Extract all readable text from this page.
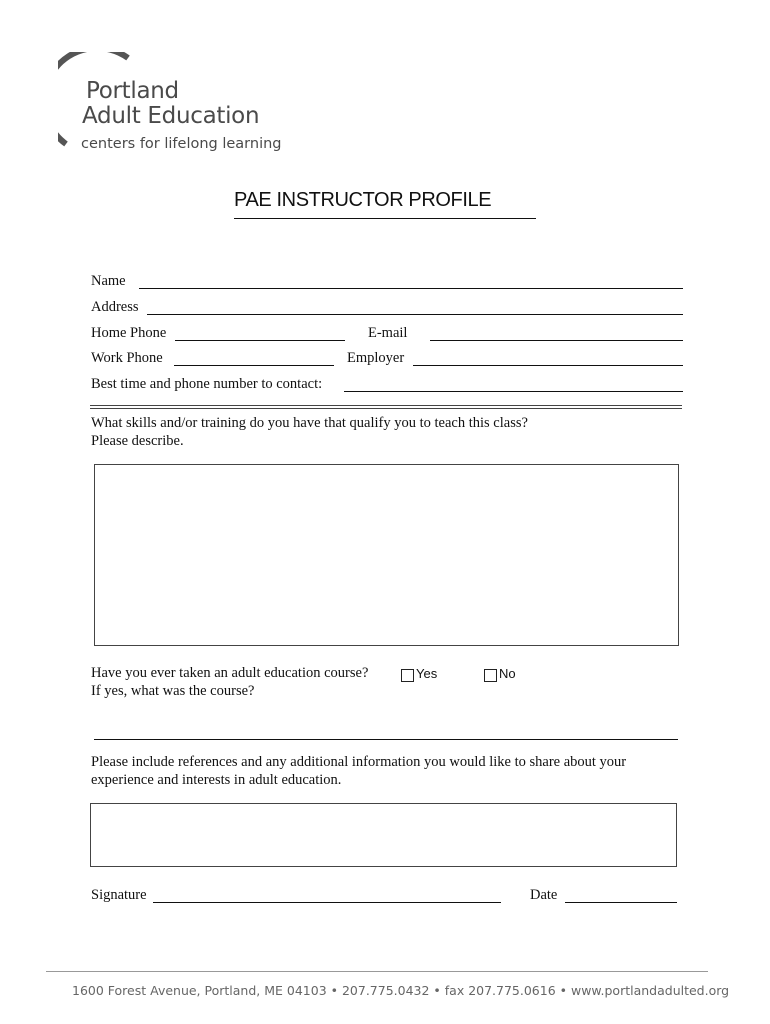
Portland
Adult Education
centers for lifelong learning
PAE INSTRUCTOR PROFILE
Name
Address
Home Phone	E-mail
Work Phone	Employer
Best time and phone number to contact:
What skills and/or training do you have that qualify you to teach this class?
Please describe.
Have you ever taken an adult education course?	Yes	No
If yes, what was the course?
Please include references and any additional information you would like to share about your
experience and interests in adult education.
Signature	Date
1600 Forest Avenue, Portland, ME 04103 • 207.775.0432 • fax 207.775.0616 • www.portlandadulted.org
